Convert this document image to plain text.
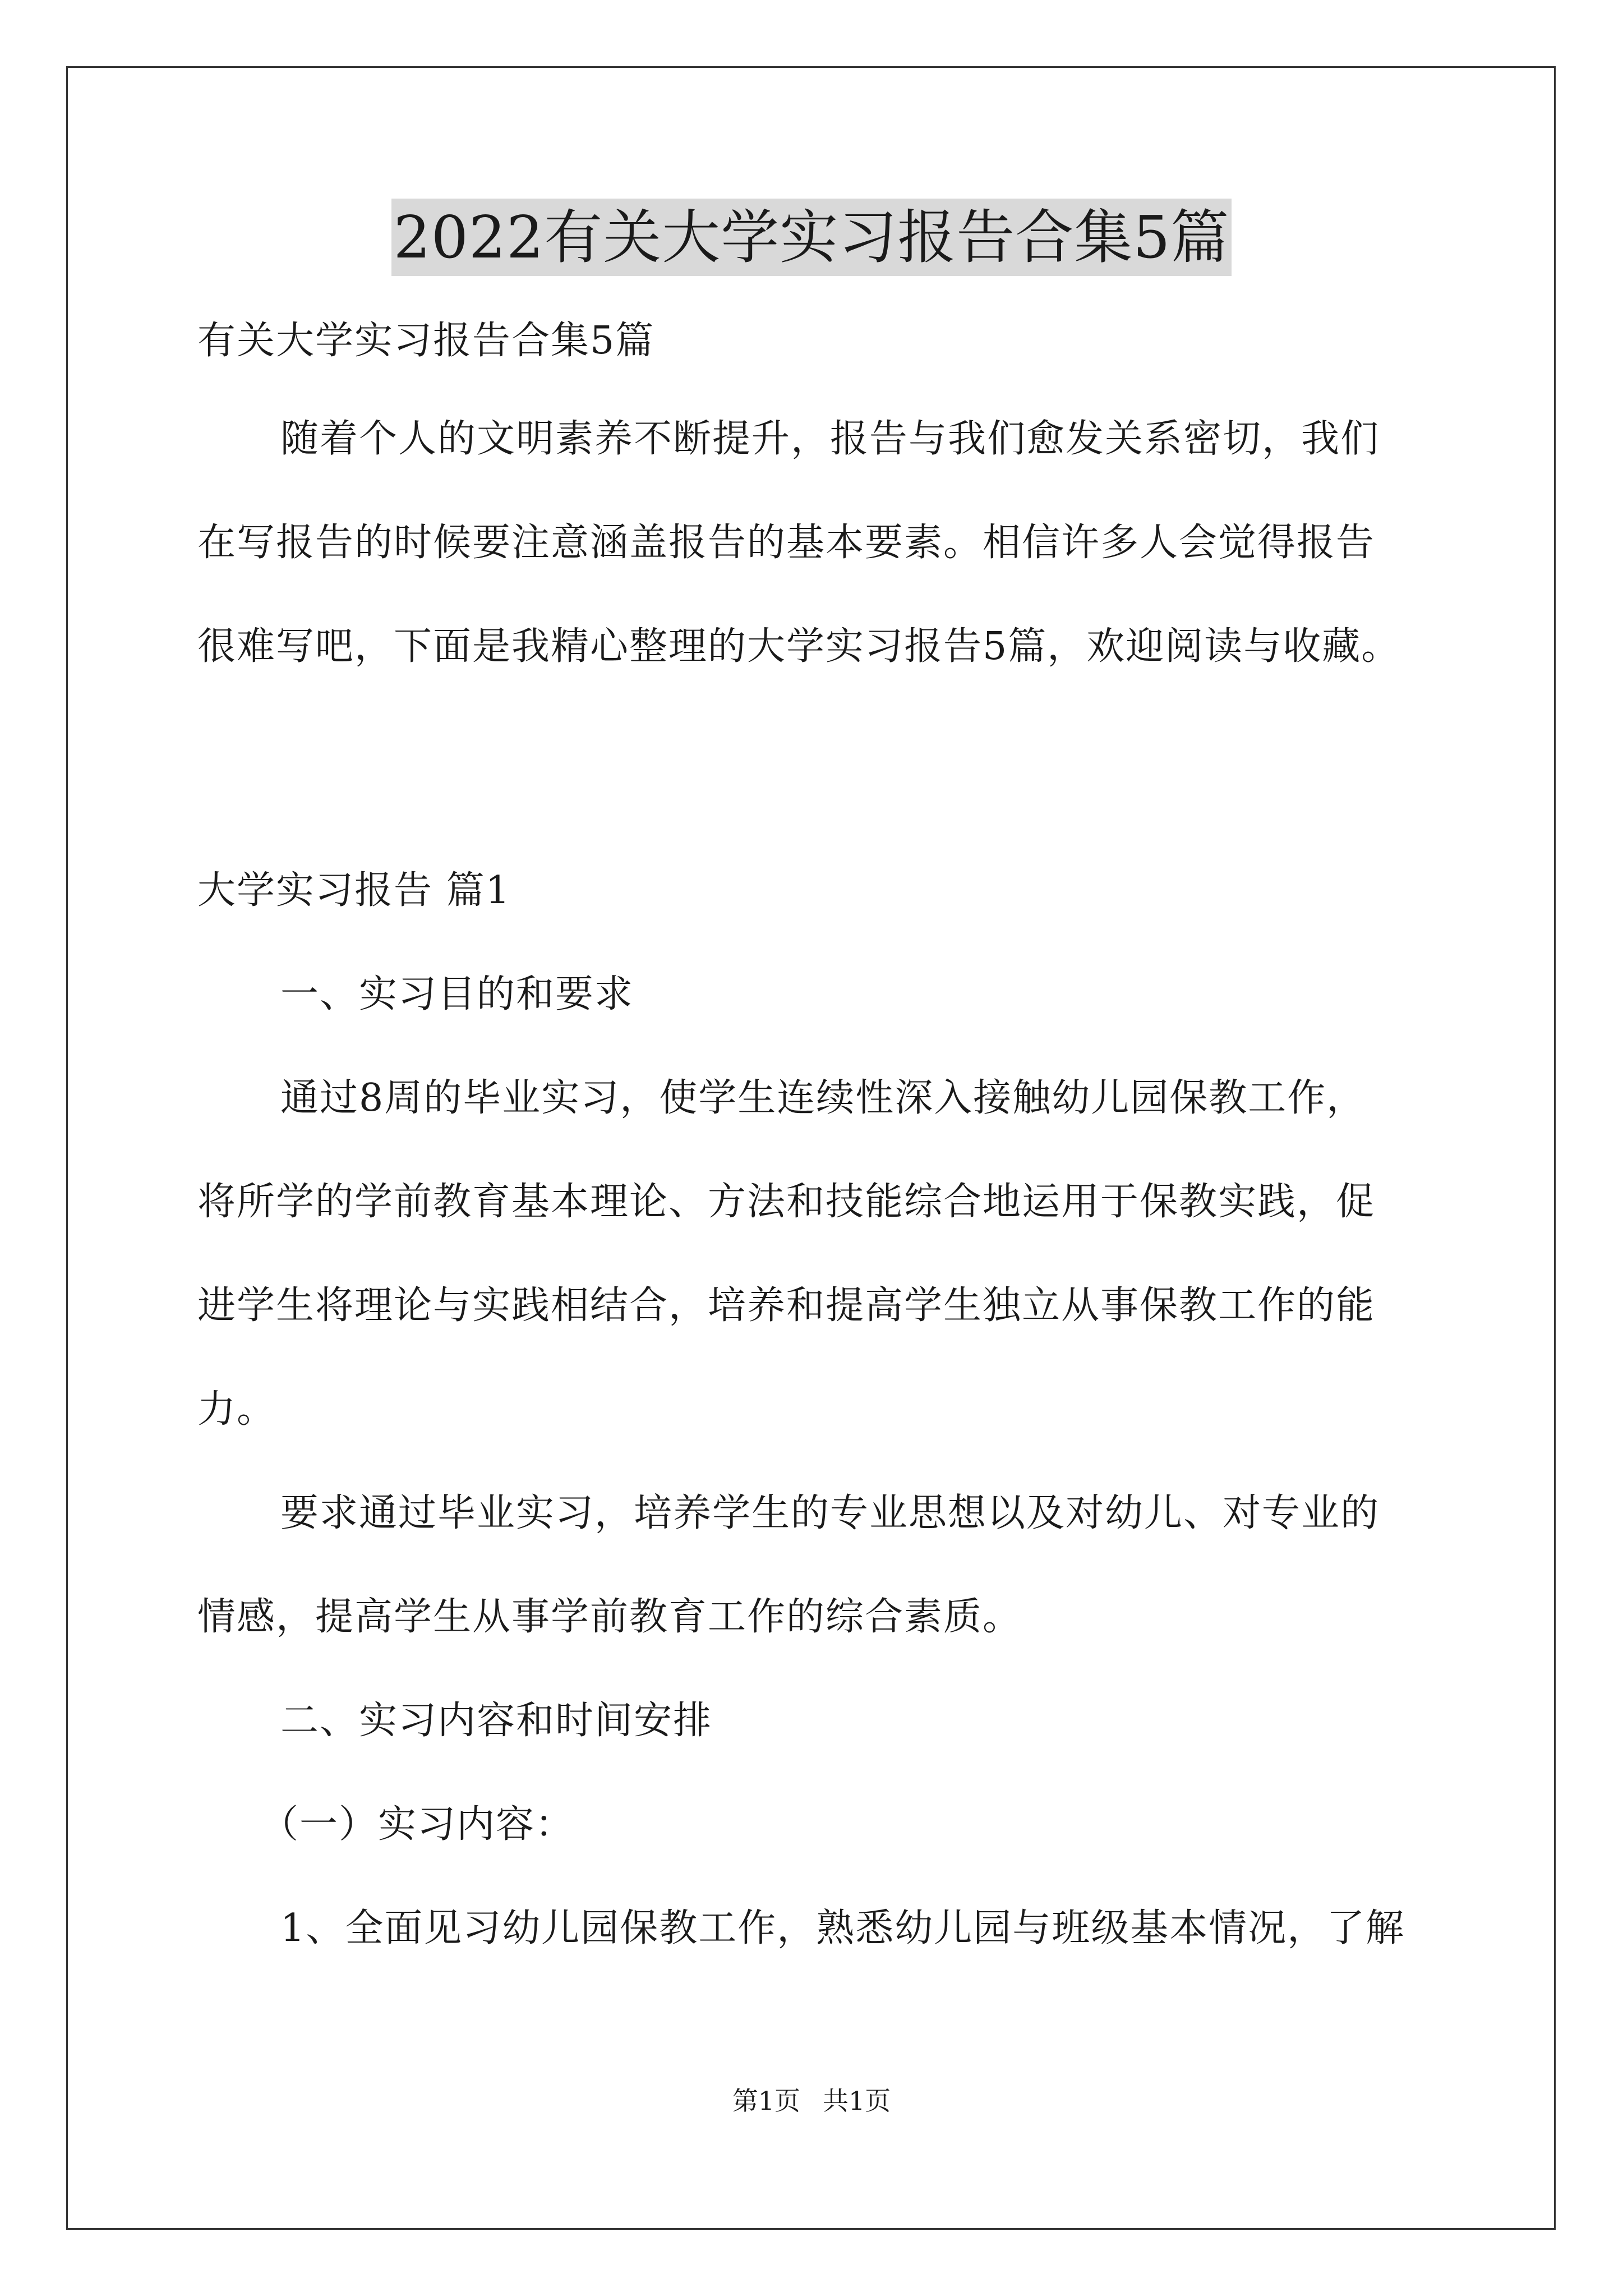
2022有关大学实习报告合集5篇
有关大学实习报告合集5篇
随着个人的文明素养不断提升，报告与我们愈发关系密切，我们
在写报告的时候要注意涵盖报告的基本要素。相信许多人会觉得报告
很难写吧，下面是我精心整理的大学实习报告5篇，欢迎阅读与收藏。
大学实习报告 篇1
一、实习目的和要求
通过8周的毕业实习，使学生连续性深入接触幼儿园保教工作，
将所学的学前教育基本理论、方法和技能综合地运用于保教实践，促
进学生将理论与实践相结合，培养和提高学生独立从事保教工作的能
力。
要求通过毕业实习，培养学生的专业思想以及对幼儿、对专业的
情感，提高学生从事学前教育工作的综合素质。
二、实习内容和时间安排
（一）实习内容：
1、全面见习幼儿园保教工作，熟悉幼儿园与班级基本情况，了解
第1页 共1页
